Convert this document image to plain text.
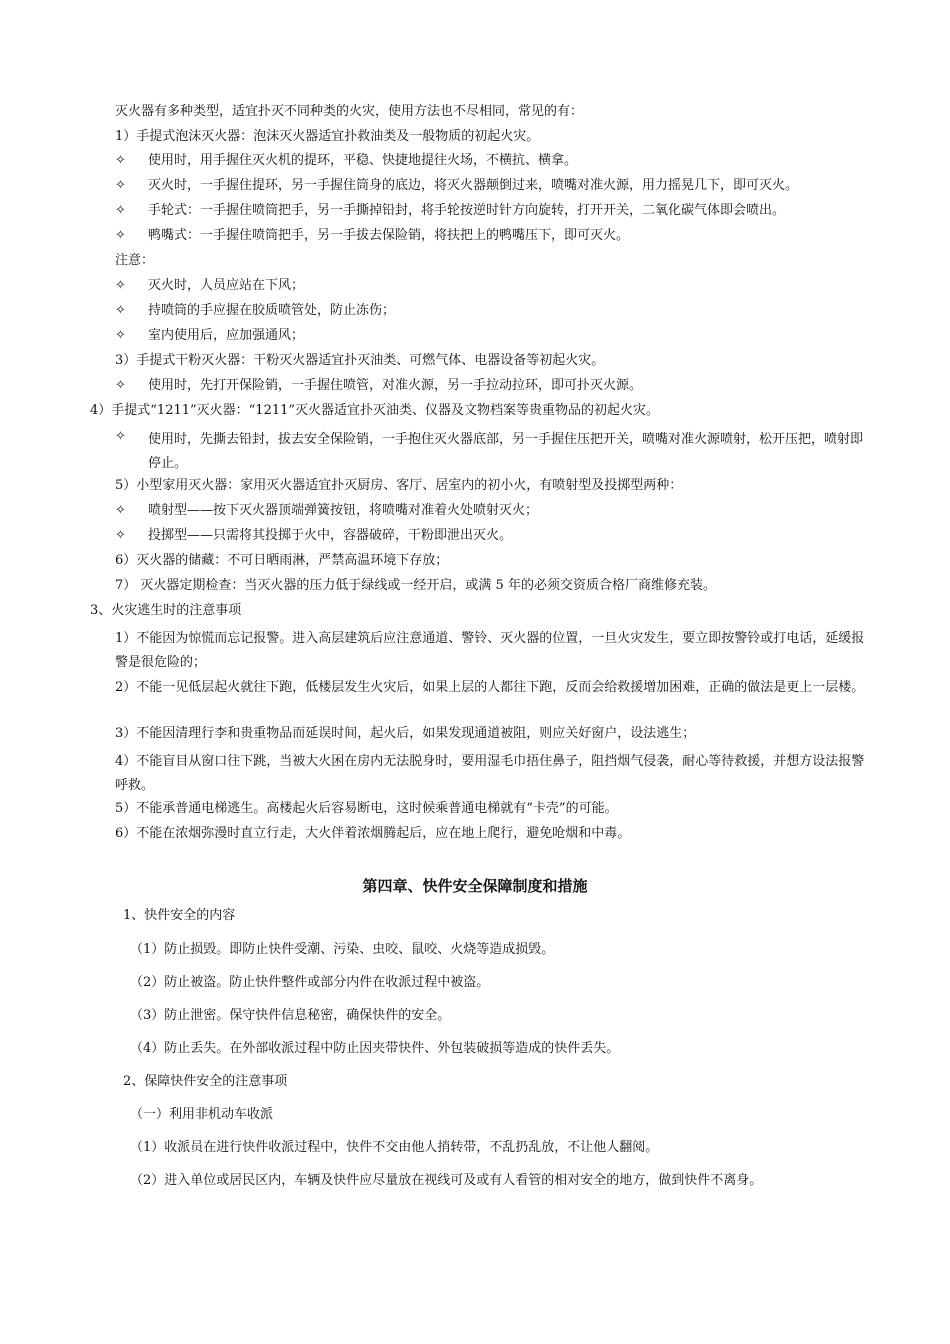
灭火器有多种类型，适宜扑灭不同种类的火灾，使用方法也不尽相同，常见的有：
1）手提式泡沫灭火器：泡沫灭火器适宜扑救油类及一般物质的初起火灾。
✧ 使用时，用手握住灭火机的提环，平稳、快捷地提往火场，不横抗、横拿。
✧ 灭火时，一手握住提环，另一手握住筒身的底边，将灭火器颠倒过来，喷嘴对准火源，用力摇晃几下，即可灭火。
✧ 手轮式：一手握住喷筒把手，另一手撕掉铅封，将手轮按逆时针方向旋转，打开开关，二氧化碳气体即会喷出。
✧ 鸭嘴式：一手握住喷筒把手，另一手拔去保险销，将扶把上的鸭嘴压下，即可灭火。
注意：
✧ 灭火时，人员应站在下风；
✧ 持喷筒的手应握在胶质喷管处，防止冻伤；
✧ 室内使用后，应加强通风；
3）手提式干粉灭火器：干粉灭火器适宜扑灭油类、可燃气体、电器设备等初起火灾。
✧ 使用时，先打开保险销，一手握住喷管，对准火源，另一手拉动拉环，即可扑灭火源。
4）手提式“1211”灭火器：“1211”灭火器适宜扑灭油类、仪器及文物档案等贵重物品的初起火灾。
✧ 使用时，先撕去铅封，拔去安全保险销，一手抱住灭火器底部，另一手握住压把开关，喷嘴对准火源喷射，松开压把，喷射即停止。
5）小型家用灭火器：家用灭火器适宜扑灭厨房、客厅、居室内的初小火，有喷射型及投掷型两种：
✧ 喷射型——按下灭火器顶端弹簧按钮，将喷嘴对准着火处喷射灭火；
✧ 投掷型——只需将其投掷于火中，容器破碎，干粉即泄出灭火。
6）灭火器的储藏：不可日晒雨淋，严禁高温环境下存放；
7） 灭火器定期检查：当灭火器的压力低于绿线或一经开启，或满 5 年的必须交资质合格厂商维修充装。
3、火灾逃生时的注意事项
1）不能因为惊慌而忘记报警。进入高层建筑后应注意通道、警铃、灭火器的位置，一旦火灾发生，要立即按警铃或打电话，延缓报警是很危险的；
2）不能一见低层起火就往下跑，低楼层发生火灾后，如果上层的人都往下跑，反而会给救援增加困难，正确的做法是更上一层楼。
3）不能因清理行李和贵重物品而延误时间，起火后，如果发现通道被阻，则应关好窗户，设法逃生；
4）不能盲目从窗口往下跳，当被大火困在房内无法脱身时，要用湿毛巾捂住鼻子，阻挡烟气侵袭，耐心等待救援，并想方设法报警呼救。
5）不能承普通电梯逃生。高楼起火后容易断电，这时候乘普通电梯就有“卡壳”的可能。
6）不能在浓烟弥漫时直立行走，大火伴着浓烟腾起后，应在地上爬行，避免呛烟和中毒。
第四章、快件安全保障制度和措施
1、快件安全的内容
（1）防止损毁。即防止快件受潮、污染、虫咬、鼠咬、火烧等造成损毁。
（2）防止被盗。防止快件整件或部分内件在收派过程中被盗。
（3）防止泄密。保守快件信息秘密，确保快件的安全。
（4）防止丢失。在外部收派过程中防止因夹带快件、外包装破损等造成的快件丢失。
2、保障快件安全的注意事项
（一）利用非机动车收派
（1）收派员在进行快件收派过程中，快件不交由他人捎转带，不乱扔乱放，不让他人翻阅。
（2）进入单位或居民区内，车辆及快件应尽量放在视线可及或有人看管的相对安全的地方，做到快件不离身。
